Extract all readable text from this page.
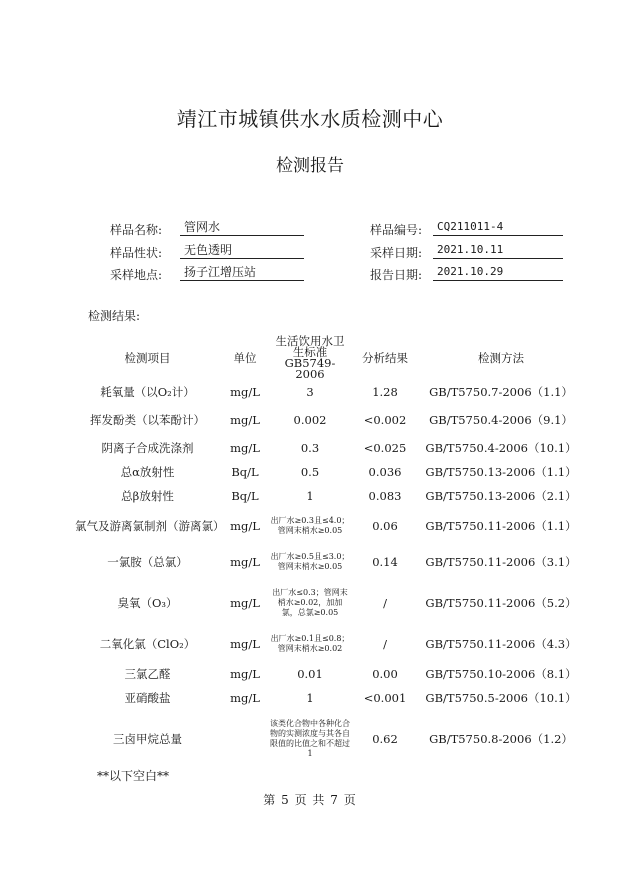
靖江市城镇供水水质检测中心
检测报告
样品名称:	管网水	样品编号:	CQ211011-4
样品性状:	无色透明	采样日期:	2021.10.11
采样地点:	扬子江增压站	报告日期:	2021.10.29
检测结果:
检测项目	单位	生活饮用水卫生标准GB5749-2006	分析结果	检测方法
耗氧量（以O₂计）	mg/L	3	1.28	GB/T5750.7-2006（1.1）
挥发酚类（以苯酚计）	mg/L	0.002	<0.002	GB/T5750.4-2006（9.1）
阴离子合成洗涤剂	mg/L	0.3	<0.025	GB/T5750.4-2006（10.1）
总α放射性	Bq/L	0.5	0.036	GB/T5750.13-2006（1.1）
总β放射性	Bq/L	1	0.083	GB/T5750.13-2006（2.1）
氯气及游离氯制剂（游离氯）	mg/L	出厂水≥0.3且≤4.0；管网末梢水≥0.05	0.06	GB/T5750.11-2006（1.1）
一氯胺（总氯）	mg/L	出厂水≥0.5且≤3.0；管网末梢水≥0.05	0.14	GB/T5750.11-2006（3.1）
臭氧（O₃）	mg/L	出厂水≤0.3；管网末梢水≥0.02，加加氯，总氯≥0.05	/	GB/T5750.11-2006（5.2）
二氧化氯（ClO₂）	mg/L	出厂水≥0.1且≤0.8；管网末梢水≥0.02	/	GB/T5750.11-2006（4.3）
三氯乙醛	mg/L	0.01	0.00	GB/T5750.10-2006（8.1）
亚硝酸盐	mg/L	1	<0.001	GB/T5750.5-2006（10.1）
三卤甲烷总量		该类化合物中各种化合物的实测浓度与其各自限值的比值之和不超过1	0.62	GB/T5750.8-2006（1.2）
**以下空白**
第 5 页 共 7 页
